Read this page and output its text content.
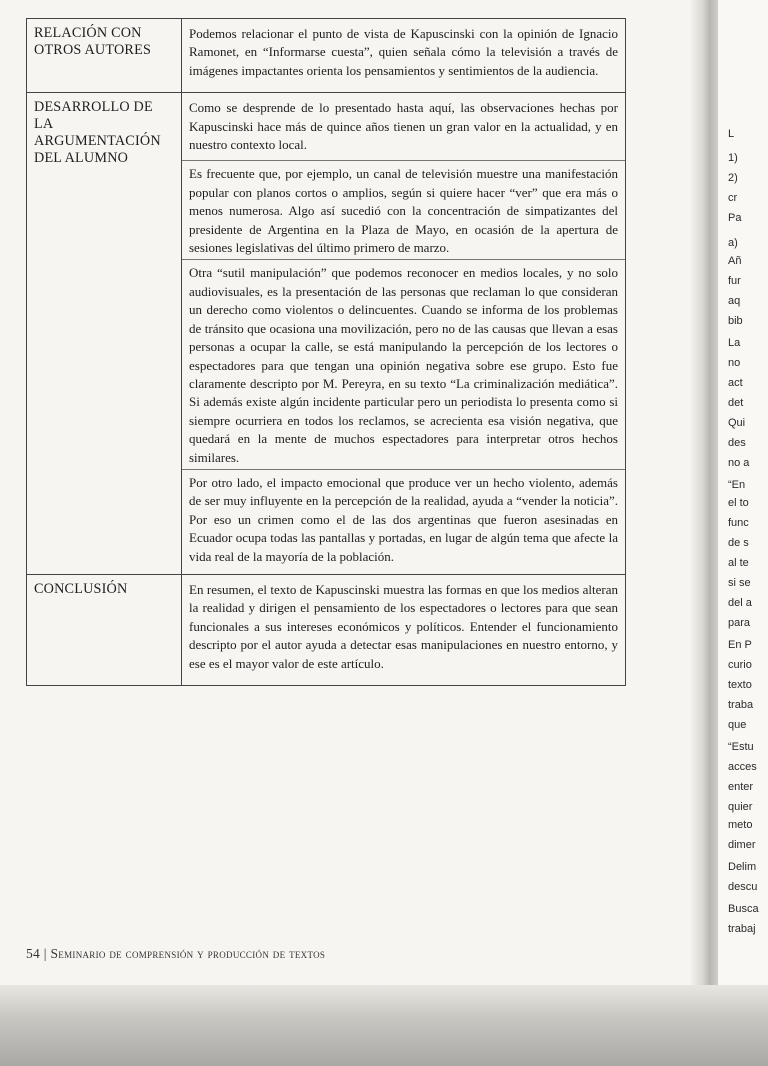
RELACIÓN CON OTROS AUTORES	Podemos relacionar el punto de vista de Kapuscinski con la opinión de Ignacio Ramonet, en “Informarse cuesta”, quien señala cómo la televisión a través de imágenes impactantes orienta los pensamientos y sentimientos de la audiencia.

DESARROLLO DE LA ARGUMENTACIÓN DEL ALUMNO	Como se desprende de lo presentado hasta aquí, las observaciones hechas por Kapuscinski hace más de quince años tienen un gran valor en la actualidad, y en nuestro contexto local.

Es frecuente que, por ejemplo, un canal de televisión muestre una manifestación popular con planos cortos o amplios, según si quiere hacer “ver” que era más o menos numerosa. Algo así sucedió con la concentración de simpatizantes del presidente de Argentina en la Plaza de Mayo, en ocasión de la apertura de sesiones legislativas del último primero de marzo.

Otra “sutil manipulación” que podemos reconocer en medios locales, y no solo audiovisuales, es la presentación de las personas que reclaman lo que consideran un derecho como violentos o delincuentes. Cuando se informa de los problemas de tránsito que ocasiona una movilización, pero no de las causas que llevan a esas personas a ocupar la calle, se está manipulando la percepción de los lectores o espectadores para que tengan una opinión negativa sobre ese grupo. Esto fue claramente descripto por M. Pereyra, en su texto “La criminalización mediática”. Si además existe algún incidente particular pero un periodista lo presenta como si siempre ocurriera en todos los reclamos, se acrecienta esa visión negativa, que quedará en la mente de muchos espectadores para interpretar otros hechos similares.

Por otro lado, el impacto emocional que produce ver un hecho violento, además de ser muy influyente en la percepción de la realidad, ayuda a “vender la noticia”. Por eso un crimen como el de las dos argentinas que fueron asesinadas en Ecuador ocupa todas las pantallas y portadas, en lugar de algún tema que afecte la vida real de la mayoría de la población.

CONCLUSIÓN	En resumen, el texto de Kapuscinski muestra las formas en que los medios alteran la realidad y dirigen el pensamiento de los espectadores o lectores para que sean funcionales a sus intereses económicos y políticos. Entender el funcionamiento descripto por el autor ayuda a detectar esas manipulaciones en nuestro entorno, y ese es el mayor valor de este artículo.

54 | Seminario de comprensión y producción de textos
L
1)
2)
cr
Pa
a)
Añ
fur
aq
bib
La
no
act
det
Qui
des
no a
“En
el to
func
de s
al te
si se
del a
para
En P
curio
texto
traba
que
“Estu
acces
enter
quier
meto
dimer
Delim
descu
Busca
trabaj
